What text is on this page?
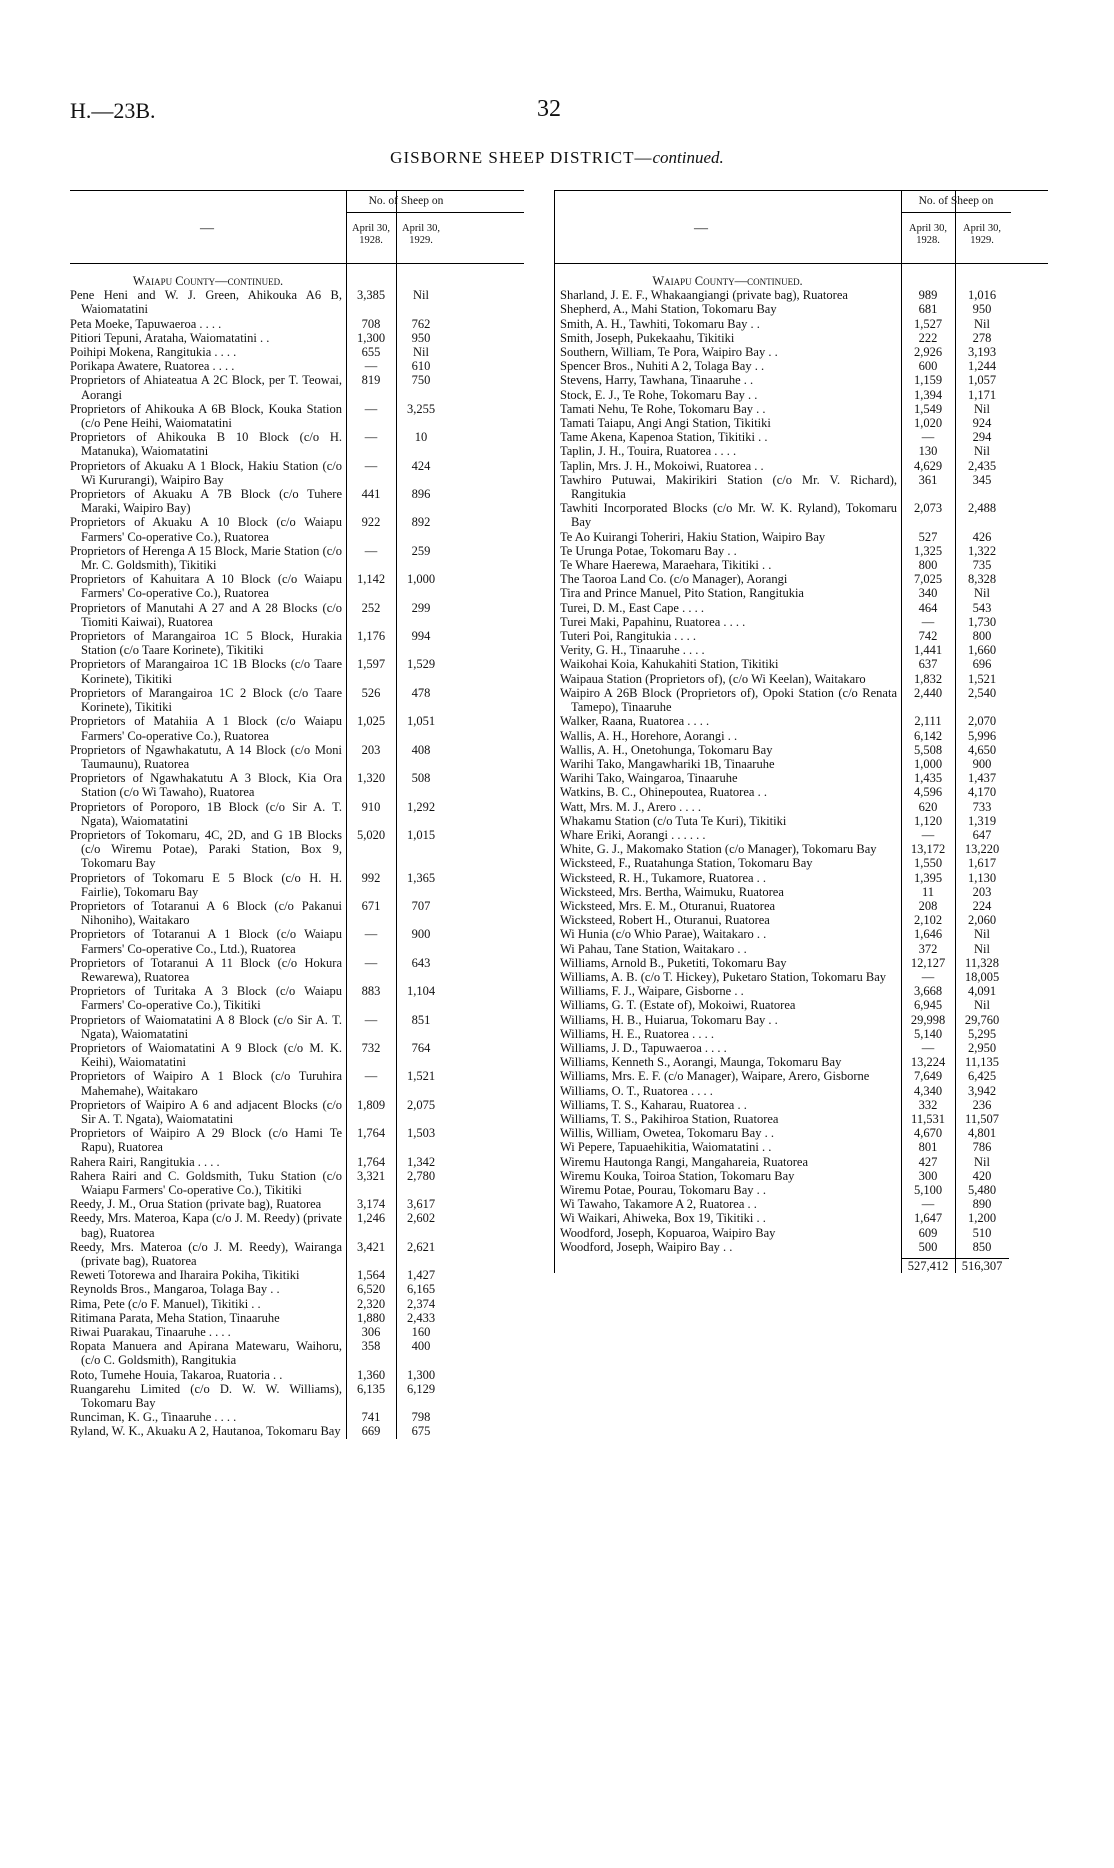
H.—23B.	32
GISBORNE SHEEP DISTRICT—continued.
—
No. of Sheep on
April 30, 1928.
April 30, 1929.
Waiapu County—continued.
Pene Heni and W. J. Green, Ahikouka A6 B, Waiomatatini
3,385	Nil
Peta Moeke, Tapuwaeroa . . . .	708	762
Pitiori Tepuni, Arataha, Waiomatatini . .	1,300	950
Poihipi Mokena, Rangitukia . . . .	655	Nil
Porikapa Awatere, Ruatorea . . . .	—	610
Proprietors of Ahiateatua A 2C Block, per T. Teowai, Aorangi
819	750
Proprietors of Ahikouka A 6B Block, Kouka Station (c/o Pene Heihi, Waiomatatini
—	3,255
Proprietors of Ahikouka B 10 Block (c/o H. Matanuka), Waiomatatini
—	10
Proprietors of Akuaku A 1 Block, Hakiu Station (c/o Wi Kururangi), Waipiro Bay
—	424
Proprietors of Akuaku A 7B Block (c/o Tuhere Maraki, Waipiro Bay)
441	896
Proprietors of Akuaku A 10 Block (c/o Waiapu Farmers' Co-operative Co.), Ruatorea
922	892
Proprietors of Herenga A 15 Block, Marie Station (c/o Mr. C. Goldsmith), Tikitiki
—	259
Proprietors of Kahuitara A 10 Block (c/o Waiapu Farmers' Co-operative Co.), Ruatorea
1,142	1,000
Proprietors of Manutahi A 27 and A 28 Blocks (c/o Tiomiti Kaiwai), Ruatorea
252	299
Proprietors of Marangairoa 1C 5 Block, Hurakia Station (c/o Taare Korinete), Tikitiki
1,176	994
Proprietors of Marangairoa 1C 1B Blocks (c/o Taare Korinete), Tikitiki
1,597	1,529
Proprietors of Marangairoa 1C 2 Block (c/o Taare Korinete), Tikitiki
526	478
Proprietors of Matahiia A 1 Block (c/o Waiapu Farmers' Co-operative Co.), Ruatorea
1,025	1,051
Proprietors of Ngawhakatutu, A 14 Block (c/o Moni Taumaunu), Ruatorea
203	408
Proprietors of Ngawhakatutu A 3 Block, Kia Ora Station (c/o Wi Tawaho), Ruatorea
1,320	508
Proprietors of Poroporo, 1B Block (c/o Sir A. T. Ngata), Waiomatatini
910	1,292
Proprietors of Tokomaru, 4C, 2D, and G 1B Blocks (c/o Wiremu Potae), Paraki Station, Box 9, Tokomaru Bay
5,020	1,015
Proprietors of Tokomaru E 5 Block (c/o H. H. Fairlie), Tokomaru Bay
992	1,365
Proprietors of Totaranui A 6 Block (c/o Pakanui Nihoniho), Waitakaro
671	707
Proprietors of Totaranui A 1 Block (c/o Waiapu Farmers' Co-operative Co., Ltd.), Ruatorea
—	900
Proprietors of Totaranui A 11 Block (c/o Hokura Rewarewa), Ruatorea
—	643
Proprietors of Turitaka A 3 Block (c/o Waiapu Farmers' Co-operative Co.), Tikitiki
883	1,104
Proprietors of Waiomatatini A 8 Block (c/o Sir A. T. Ngata), Waiomatatini
—	851
Proprietors of Waiomatatini A 9 Block (c/o M. K. Keihi), Waiomatatini
732	764
Proprietors of Waipiro A 1 Block (c/o Turuhira Mahemahe), Waitakaro
—	1,521
Proprietors of Waipiro A 6 and adjacent Blocks (c/o Sir A. T. Ngata), Waiomatatini
1,809	2,075
Proprietors of Waipiro A 29 Block (c/o Hami Te Rapu), Ruatorea
1,764	1,503
Rahera Rairi, Rangitukia . . . .	1,764	1,342
Rahera Rairi and C. Goldsmith, Tuku Station (c/o Waiapu Farmers' Co-operative Co.), Tikitiki
3,321	2,780
Reedy, J. M., Orua Station (private bag), Ruatorea	3,174	3,617
Reedy, Mrs. Materoa, Kapa (c/o J. M. Reedy) (private bag), Ruatorea
1,246	2,602
Reedy, Mrs. Materoa (c/o J. M. Reedy), Wairanga (private bag), Ruatorea
3,421	2,621
Reweti Totorewa and Iharaira Pokiha, Tikitiki	1,564	1,427
Reynolds Bros., Mangaroa, Tolaga Bay . .	6,520	6,165
Rima, Pete (c/o F. Manuel), Tikitiki . .	2,320	2,374
Ritimana Parata, Meha Station, Tinaaruhe	1,880	2,433
Riwai Puarakau, Tinaaruhe . . . .	306	160
Ropata Manuera and Apirana Matewaru, Waihoru, (c/o C. Goldsmith), Rangitukia
358	400
Roto, Tumehe Houia, Takaroa, Ruatoria . .	1,360	1,300
Ruangarehu Limited (c/o D. W. W. Williams), Tokomaru Bay
6,135	6,129
Runciman, K. G., Tinaaruhe . . . .	741	798
Ryland, W. K., Akuaku A 2, Hautanoa, Tokomaru Bay	669	675
—
No. of Sheep on
April 30, 1928.
April 30, 1929.
Waiapu County—continued.
Sharland, J. E. F., Whakaangiangi (private bag), Ruatorea	989	1,016
Shepherd, A., Mahi Station, Tokomaru Bay	681	950
Smith, A. H., Tawhiti, Tokomaru Bay . .	1,527	Nil
Smith, Joseph, Pukekaahu, Tikitiki	222	278
Southern, William, Te Pora, Waipiro Bay . .	2,926	3,193
Spencer Bros., Nuhiti A 2, Tolaga Bay . .	600	1,244
Stevens, Harry, Tawhana, Tinaaruhe . .	1,159	1,057
Stock, E. J., Te Rohe, Tokomaru Bay . .	1,394	1,171
Tamati Nehu, Te Rohe, Tokomaru Bay . .	1,549	Nil
Tamati Taiapu, Angi Angi Station, Tikitiki	1,020	924
Tame Akena, Kapenoa Station, Tikitiki . .	—	294
Taplin, J. H., Touira, Ruatorea . . . .	130	Nil
Taplin, Mrs. J. H., Mokoiwi, Ruatorea . .	4,629	2,435
Tawhiro Putuwai, Makirikiri Station (c/o Mr. V. Richard), Rangitukia
361	345
Tawhiti Incorporated Blocks (c/o Mr. W. K. Ryland), Tokomaru Bay
2,073	2,488
Te Ao Kuirangi Toheriri, Hakiu Station, Waipiro Bay	527	426
Te Urunga Potae, Tokomaru Bay . .	1,325	1,322
Te Whare Haerewa, Maraehara, Tikitiki . .	800	735
The Taoroa Land Co. (c/o Manager), Aorangi	7,025	8,328
Tira and Prince Manuel, Pito Station, Rangitukia	340	Nil
Turei, D. M., East Cape . . . .	464	543
Turei Maki, Papahinu, Ruatorea . . . .	—	1,730
Tuteri Poi, Rangitukia . . . .	742	800
Verity, G. H., Tinaaruhe . . . .	1,441	1,660
Waikohai Koia, Kahukahiti Station, Tikitiki	637	696
Waipaua Station (Proprietors of), (c/o Wi Keelan), Waitakaro	1,832	1,521
Waipiro A 26B Block (Proprietors of), Opoki Station (c/o Renata Tamepo), Tinaaruhe
2,440	2,540
Walker, Raana, Ruatorea . . . .	2,111	2,070
Wallis, A. H., Horehore, Aorangi . .	6,142	5,996
Wallis, A. H., Onetohunga, Tokomaru Bay	5,508	4,650
Warihi Tako, Mangawhariki 1B, Tinaaruhe	1,000	900
Warihi Tako, Waingaroa, Tinaaruhe	1,435	1,437
Watkins, B. C., Ohinepoutea, Ruatorea . .	4,596	4,170
Watt, Mrs. M. J., Arero . . . .	620	733
Whakamu Station (c/o Tuta Te Kuri), Tikitiki	1,120	1,319
Whare Eriki, Aorangi . . . . . .	—	647
White, G. J., Makomako Station (c/o Manager), Tokomaru Bay	13,172	13,220
Wicksteed, F., Ruatahunga Station, Tokomaru Bay	1,550	1,617
Wicksteed, R. H., Tukamore, Ruatorea . .	1,395	1,130
Wicksteed, Mrs. Bertha, Waimuku, Ruatorea	11	203
Wicksteed, Mrs. E. M., Oturanui, Ruatorea	208	224
Wicksteed, Robert H., Oturanui, Ruatorea	2,102	2,060
Wi Hunia (c/o Whio Parae), Waitakaro . .	1,646	Nil
Wi Pahau, Tane Station, Waitakaro . .	372	Nil
Williams, Arnold B., Puketiti, Tokomaru Bay	12,127	11,328
Williams, A. B. (c/o T. Hickey), Puketaro Station, Tokomaru Bay	—	18,005
Williams, F. J., Waipare, Gisborne . .	3,668	4,091
Williams, G. T. (Estate of), Mokoiwi, Ruatorea	6,945	Nil
Williams, H. B., Huiarua, Tokomaru Bay . .	29,998	29,760
Williams, H. E., Ruatorea . . . .	5,140	5,295
Williams, J. D., Tapuwaeroa . . . .	—	2,950
Williams, Kenneth S., Aorangi, Maunga, Tokomaru Bay	13,224	11,135
Williams, Mrs. E. F. (c/o Manager), Waipare, Arero, Gisborne	7,649	6,425
Williams, O. T., Ruatorea . . . .	4,340	3,942
Williams, T. S., Kaharau, Ruatorea . .	332	236
Williams, T. S., Pakihiroa Station, Ruatorea	11,531	11,507
Willis, William, Owetea, Tokomaru Bay . .	4,670	4,801
Wi Pepere, Tapuaehikitia, Waiomatatini . .	801	786
Wiremu Hautonga Rangi, Mangahareia, Ruatorea	427	Nil
Wiremu Kouka, Toiroa Station, Tokomaru Bay	300	420
Wiremu Potae, Pourau, Tokomaru Bay . .	5,100	5,480
Wi Tawaho, Takamore A 2, Ruatorea . .	—	890
Wi Waikari, Ahiweka, Box 19, Tikitiki . .	1,647	1,200
Woodford, Joseph, Kopuaroa, Waipiro Bay	609	510
Woodford, Joseph, Waipiro Bay . .	500	850
527,412	516,307
